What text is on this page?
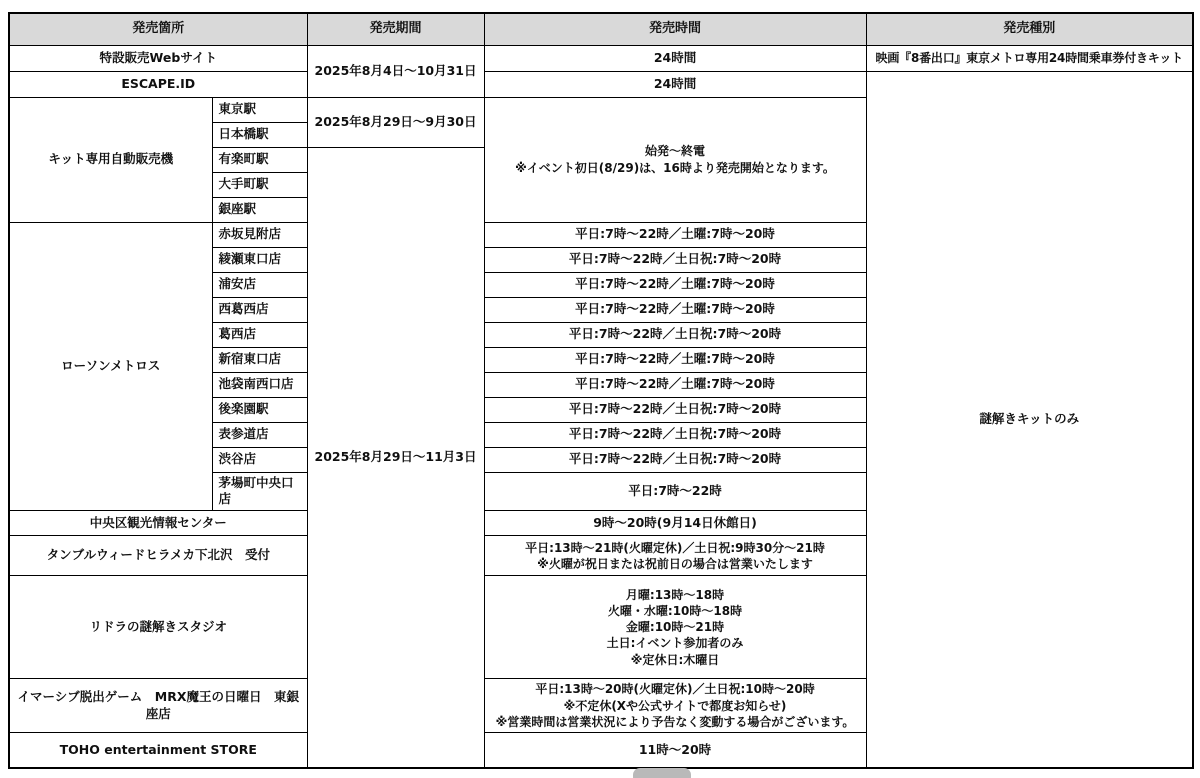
発売箇所		発売期間	発売時間	発売種別
特設販売Webサイト		2025年8月4日〜10月31日	24時間	映画『8番出口』東京メトロ専用24時間乗車券付きキット
ESCAPE.ID			24時間	謎解きキットのみ
キット専用自動販売機	東京駅	2025年8月29日〜9月30日	始発〜終電
※イベント初日(8/29)は、16時より発売開始となります。	

	日本橋駅			
	有楽町駅	2025年8月29日〜11月3日		
	大手町駅			
	銀座駅			
ローソンメトロス	赤坂見附店		平日:7時〜22時／土曜:7時〜20時	
	綾瀬東口店		平日:7時〜22時／土日祝:7時〜20時	
	浦安店		平日:7時〜22時／土曜:7時〜20時	
	西葛西店		平日:7時〜22時／土曜:7時〜20時	
	葛西店		平日:7時〜22時／土日祝:7時〜20時	
	新宿東口店		平日:7時〜22時／土曜:7時〜20時	
	池袋南西口店		平日:7時〜22時／土曜:7時〜20時	
	後楽園駅		平日:7時〜22時／土日祝:7時〜20時	
	表参道店		平日:7時〜22時／土日祝:7時〜20時	
	渋谷店		平日:7時〜22時／土日祝:7時〜20時	
	茅場町中央口店		平日:7時〜22時	
中央区観光情報センター			9時〜20時(9月14日休館日)	

タンブルウィードヒラメカ下北沢　受付			平日:13時〜21時(火曜定休)／土日祝:9時30分〜21時
※火曜が祝日または祝前日の場合は営業いたします	

リドラの謎解きスタジオ			月曜:13時〜18時
火曜・水曜:10時〜18時
金曜:10時〜21時
土日:イベント参加者のみ
※定休日:木曜日	

イマーシブ脱出ゲーム　MRX魔王の日曜日　東銀座店			平日:13時〜20時(火曜定休)／土日祝:10時〜20時
※不定休(Xや公式サイトで都度お知らせ)
※営業時間は営業状況により予告なく変動する場合がございます。	

TOHO entertainment STORE			11時〜20時	
